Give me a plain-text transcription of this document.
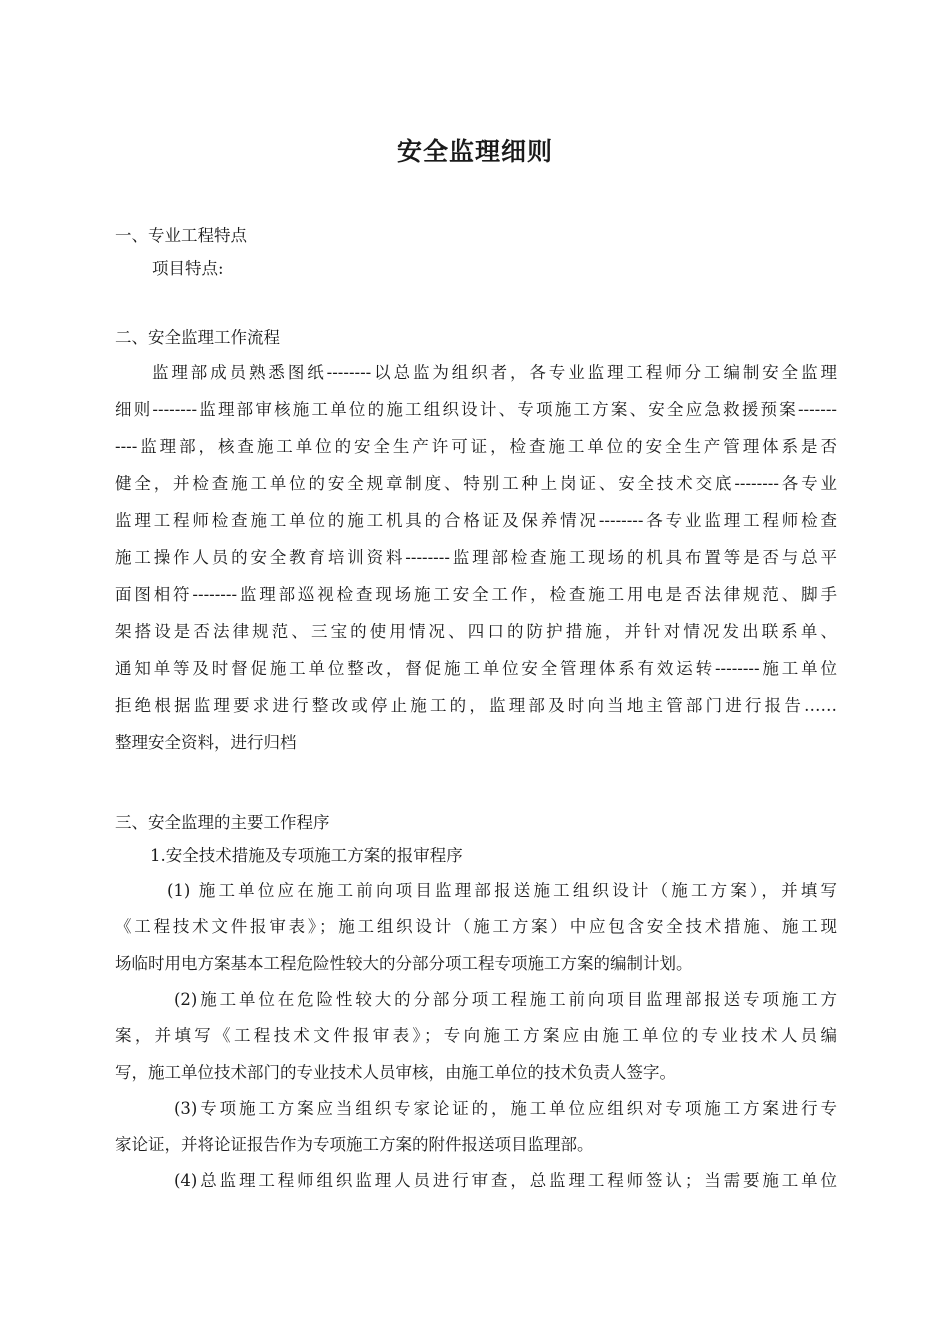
安全监理细则
一、专业工程特点
项目特点:
二、安全监理工作流程
监理部成员熟悉图纸--------以总监为组织者，各专业监理工程师分工编制安全监理
细则--------监理部审核施工单位的施工组织设计、专项施工方案、安全应急救援预案-------
----监理部，核查施工单位的安全生产许可证，检查施工单位的安全生产管理体系是否
健全，并检查施工单位的安全规章制度、特别工种上岗证、安全技术交底--------各专业
监理工程师检查施工单位的施工机具的合格证及保养情况--------各专业监理工程师检查
施工操作人员的安全教育培训资料--------监理部检查施工现场的机具布置等是否与总平
面图相符--------监理部巡视检查现场施工安全工作，检查施工用电是否法律规范、脚手
架搭设是否法律规范、三宝的使用情况、四口的防护措施，并针对情况发出联系单、
通知单等及时督促施工单位整改，督促施工单位安全管理体系有效运转--------施工单位
拒绝根据监理要求进行整改或停止施工的，监理部及时向当地主管部门进行报告……
整理安全资料，进行归档
三、安全监理的主要工作程序
1.安全技术措施及专项施工方案的报审程序
(1) 施工单位应在施工前向项目监理部报送施工组织设计（施工方案），并填写
《工程技术文件报审表》；施工组织设计（施工方案）中应包含安全技术措施、施工现
场临时用电方案基本工程危险性较大的分部分项工程专项施工方案的编制计划。
(2)施工单位在危险性较大的分部分项工程施工前向项目监理部报送专项施工方
案，并填写《工程技术文件报审表》；专向施工方案应由施工单位的专业技术人员编
写，施工单位技术部门的专业技术人员审核，由施工单位的技术负责人签字。
(3)专项施工方案应当组织专家论证的，施工单位应组织对专项施工方案进行专
家论证，并将论证报告作为专项施工方案的附件报送项目监理部。
(4)总监理工程师组织监理人员进行审查，总监理工程师签认；当需要施工单位
